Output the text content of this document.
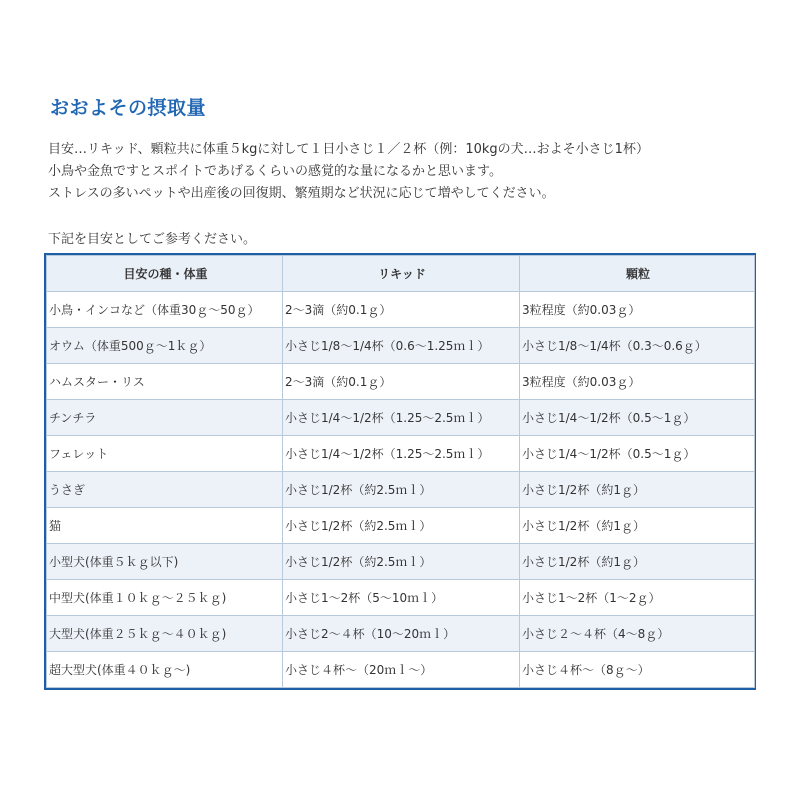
おおよその摂取量

目安…リキッド、顆粒共に体重５kgに対して１日小さじ１／２杯（例：10kgの犬…およそ小さじ1杯）

小鳥や金魚ですとスポイトであげるくらいの感覚的な量になるかと思います。

ストレスの多いペットや出産後の回復期、繁殖期など状況に応じて増やしてください。

下記を目安としてご参考ください。
目安の種・体重	リキッド	顆粒
小鳥・インコなど（体重30ｇ～50ｇ）	2～3滴（約0.1ｇ）	3粒程度（約0.03ｇ）
オウム（体重500ｇ～1ｋｇ）	小さじ1/8～1/4杯（0.6～1.25ｍｌ）	小さじ1/8～1/4杯（0.3～0.6ｇ）
ハムスター・リス	2～3滴（約0.1ｇ）	3粒程度（約0.03ｇ）
チンチラ	小さじ1/4～1/2杯（1.25～2.5ｍｌ）	小さじ1/4～1/2杯（0.5～1ｇ）
フェレット	小さじ1/4～1/2杯（1.25～2.5ｍｌ）	小さじ1/4～1/2杯（0.5～1ｇ）
うさぎ	小さじ1/2杯（約2.5ｍｌ）	小さじ1/2杯（約1ｇ）
猫	小さじ1/2杯（約2.5ｍｌ）	小さじ1/2杯（約1ｇ）
小型犬(体重５ｋｇ以下)	小さじ1/2杯（約2.5ｍｌ）	小さじ1/2杯（約1ｇ）
中型犬(体重１０ｋｇ～２５ｋｇ)	小さじ1～2杯（5～10ｍｌ）	小さじ1～2杯（1～2ｇ）
大型犬(体重２５ｋｇ～４０ｋｇ)	小さじ2～４杯（10～20ｍｌ）	小さじ２～４杯（4～8ｇ）
超大型犬(体重４０ｋｇ～)	小さじ４杯～（20ｍｌ～）	小さじ４杯～（8ｇ～）
